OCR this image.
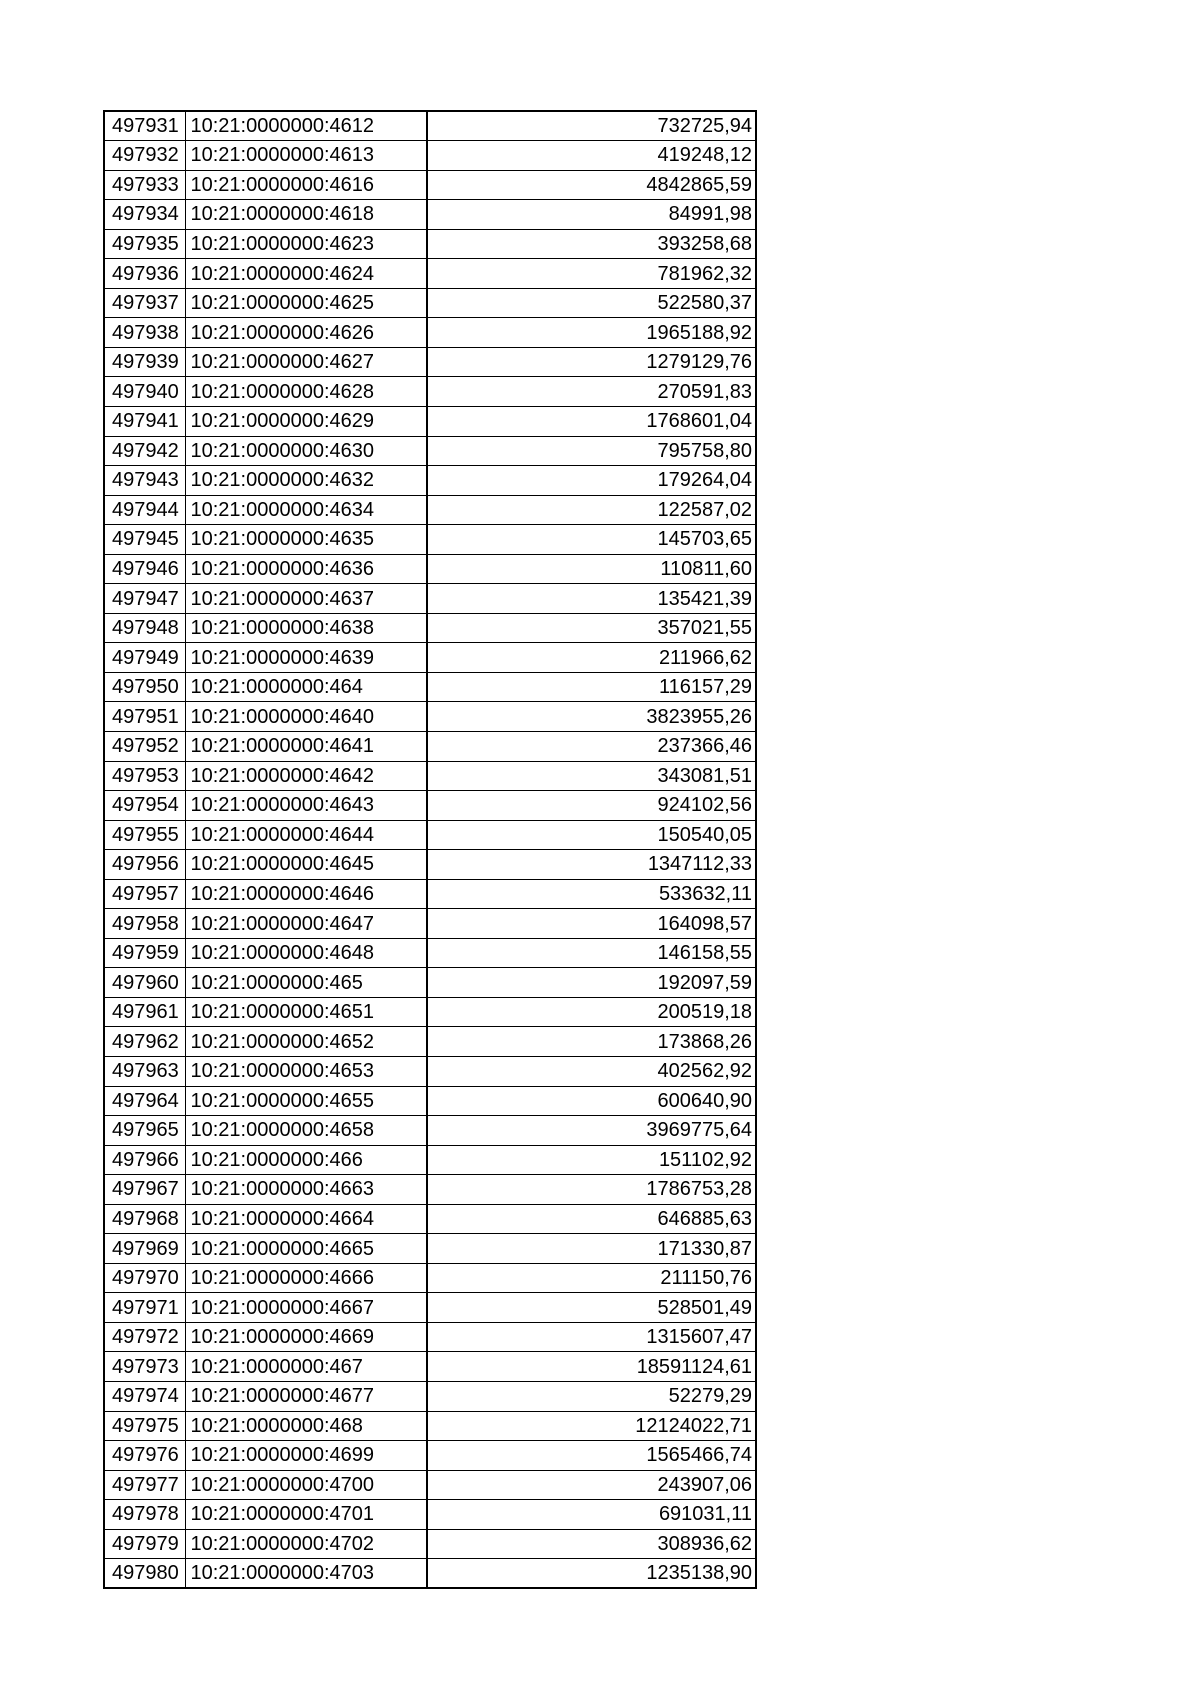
497931	10:21:0000000:4612	732725,94
497932	10:21:0000000:4613	419248,12
497933	10:21:0000000:4616	4842865,59
497934	10:21:0000000:4618	84991,98
497935	10:21:0000000:4623	393258,68
497936	10:21:0000000:4624	781962,32
497937	10:21:0000000:4625	522580,37
497938	10:21:0000000:4626	1965188,92
497939	10:21:0000000:4627	1279129,76
497940	10:21:0000000:4628	270591,83
497941	10:21:0000000:4629	1768601,04
497942	10:21:0000000:4630	795758,80
497943	10:21:0000000:4632	179264,04
497944	10:21:0000000:4634	122587,02
497945	10:21:0000000:4635	145703,65
497946	10:21:0000000:4636	110811,60
497947	10:21:0000000:4637	135421,39
497948	10:21:0000000:4638	357021,55
497949	10:21:0000000:4639	211966,62
497950	10:21:0000000:464	116157,29
497951	10:21:0000000:4640	3823955,26
497952	10:21:0000000:4641	237366,46
497953	10:21:0000000:4642	343081,51
497954	10:21:0000000:4643	924102,56
497955	10:21:0000000:4644	150540,05
497956	10:21:0000000:4645	1347112,33
497957	10:21:0000000:4646	533632,11
497958	10:21:0000000:4647	164098,57
497959	10:21:0000000:4648	146158,55
497960	10:21:0000000:465	192097,59
497961	10:21:0000000:4651	200519,18
497962	10:21:0000000:4652	173868,26
497963	10:21:0000000:4653	402562,92
497964	10:21:0000000:4655	600640,90
497965	10:21:0000000:4658	3969775,64
497966	10:21:0000000:466	151102,92
497967	10:21:0000000:4663	1786753,28
497968	10:21:0000000:4664	646885,63
497969	10:21:0000000:4665	171330,87
497970	10:21:0000000:4666	211150,76
497971	10:21:0000000:4667	528501,49
497972	10:21:0000000:4669	1315607,47
497973	10:21:0000000:467	18591124,61
497974	10:21:0000000:4677	52279,29
497975	10:21:0000000:468	12124022,71
497976	10:21:0000000:4699	1565466,74
497977	10:21:0000000:4700	243907,06
497978	10:21:0000000:4701	691031,11
497979	10:21:0000000:4702	308936,62
497980	10:21:0000000:4703	1235138,90
